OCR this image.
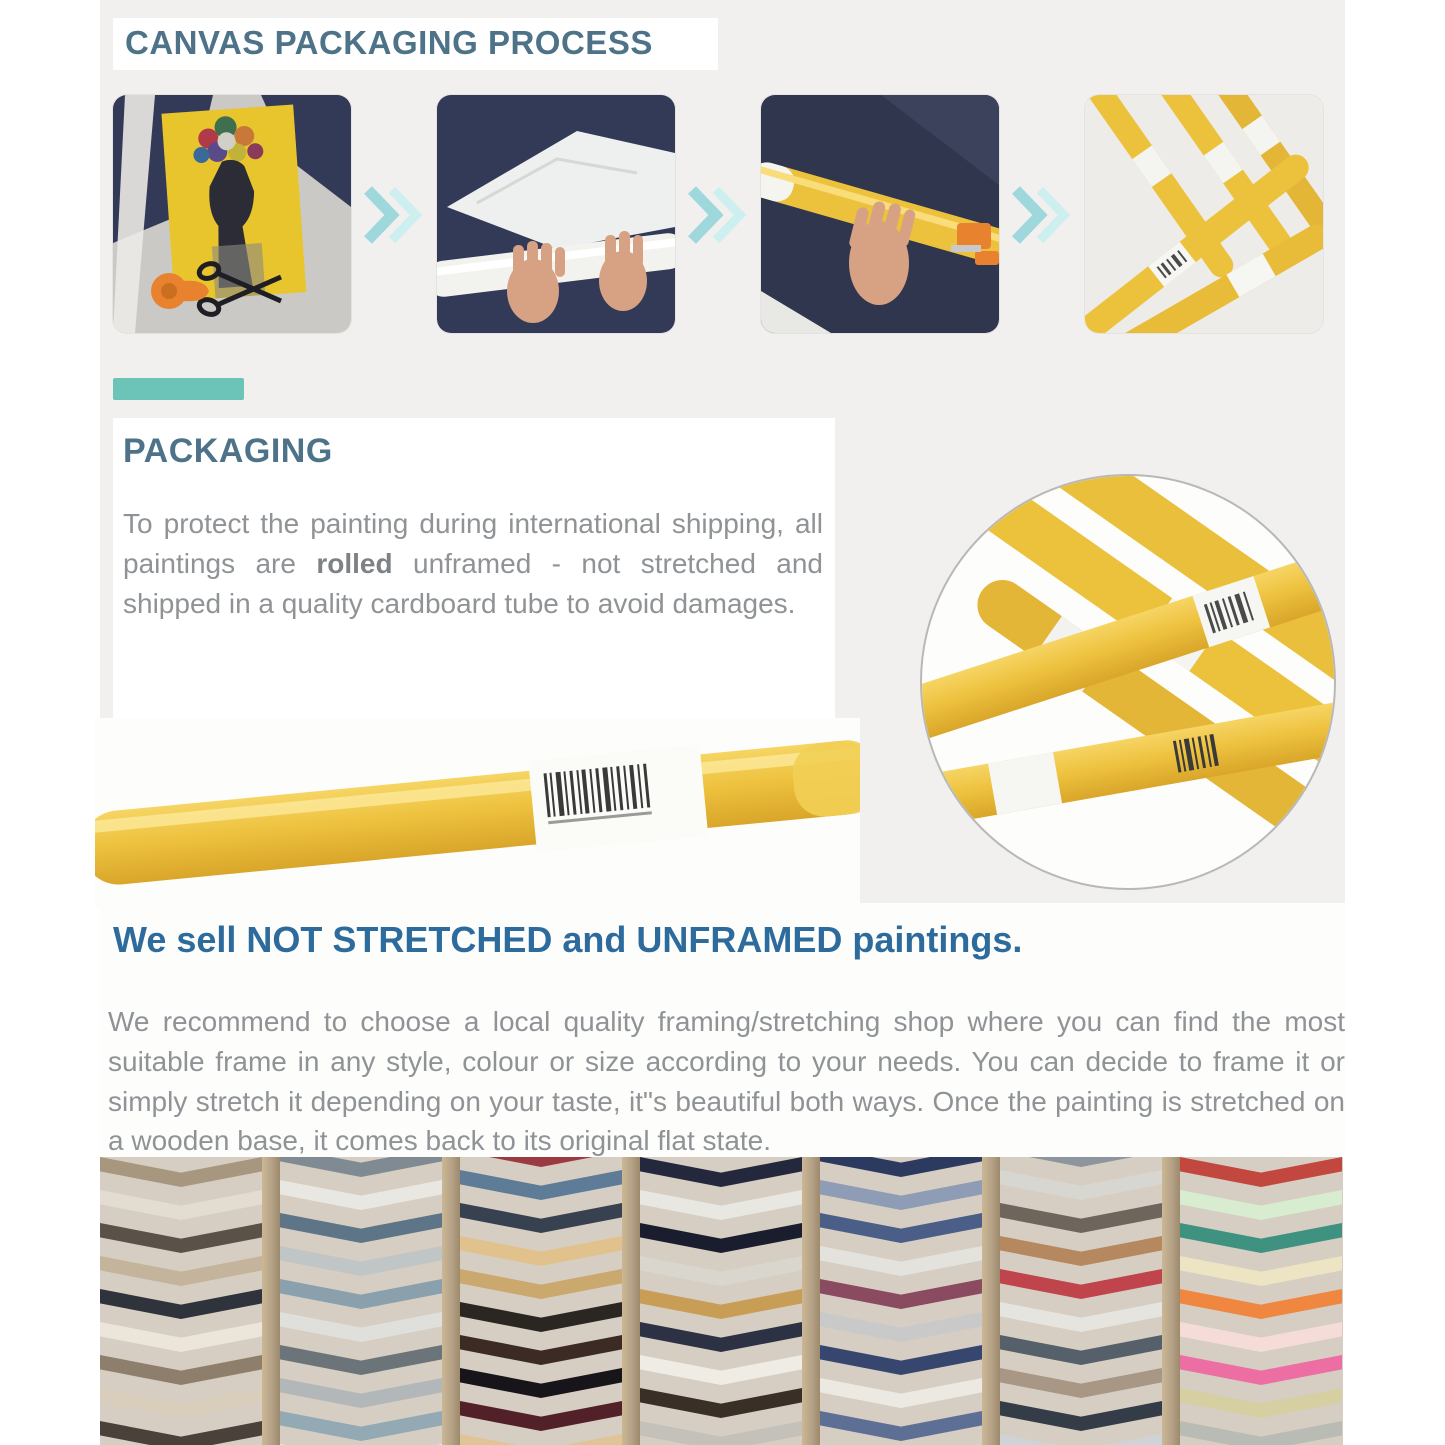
CANVAS PACKAGING PROCESS
PACKAGING

To protect the painting during international shipping, all paintings are rolled unframed - not stretched and shipped in a quality cardboard tube to avoid damages.

We sell NOT STRETCHED and UNFRAMED paintings.

We recommend to choose a local quality framing/stretching shop where you can find the most suitable frame in any style, colour or size according to your needs. You can decide to frame it or simply stretch it depending on your taste, it"s beautiful both ways. Once the painting is stretched on a wooden base, it comes back to its original flat state.
